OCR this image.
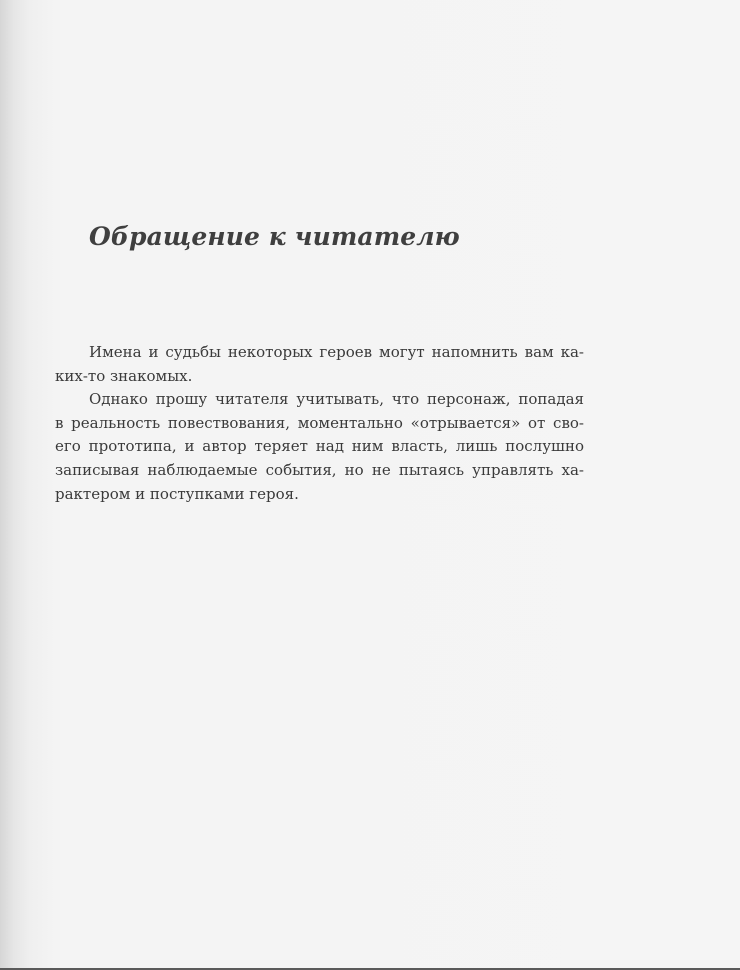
Обращение к читателю
Имена и судьбы некоторых героев могут напомнить вам ка-
ких-то знакомых.
Однако прошу читателя учитывать, что персонаж, попадая
в реальность повествования, моментально «отрывается» от сво-
его прототипа, и автор теряет над ним власть, лишь послушно
записывая наблюдаемые события, но не пытаясь управлять ха-
рактером и поступками героя.
